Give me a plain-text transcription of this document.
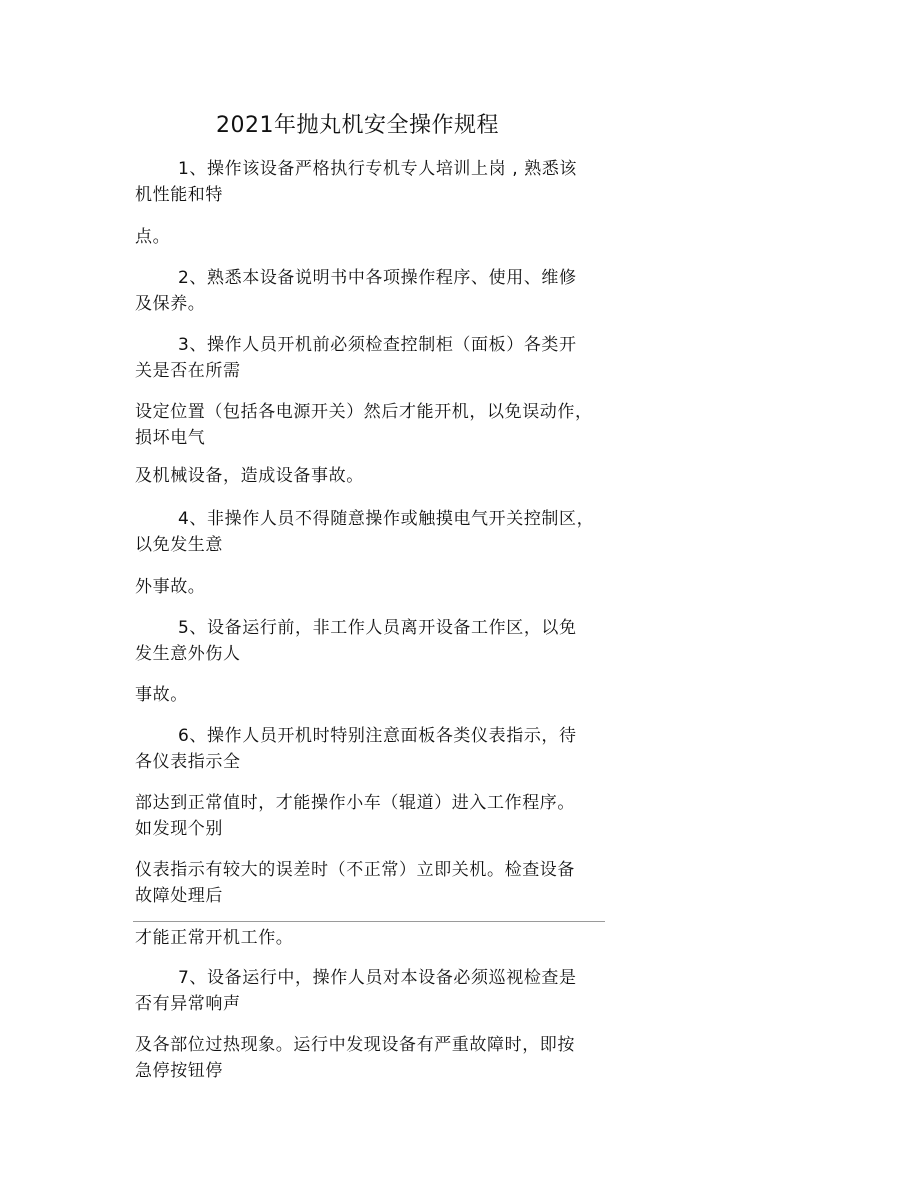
2021年抛丸机安全操作规程
1、操作该设备严格执行专机专人培训上岗 , 熟悉该
机性能和特
点。
2、熟悉本设备说明书中各项操作程序、使用、维修
及保养。
3、操作人员开机前必须检查控制柜（面板）各类开
关是否在所需
设定位置（包括各电源开关）然后才能开机，以免误动作，
损坏电气
及机械设备，造成设备事故。
4、非操作人员不得随意操作或触摸电气开关控制区，
以免发生意
外事故。
5、设备运行前，非工作人员离开设备工作区，以免
发生意外伤人
事故。
6、操作人员开机时特别注意面板各类仪表指示，待
各仪表指示全
部达到正常值时，才能操作小车（辊道）进入工作程序。
如发现个别
仪表指示有较大的误差时（不正常）立即关机。检查设备
故障处理后
才能正常开机工作。
7、设备运行中，操作人员对本设备必须巡视检查是
否有异常响声
及各部位过热现象。运行中发现设备有严重故障时，即按
急停按钮停
